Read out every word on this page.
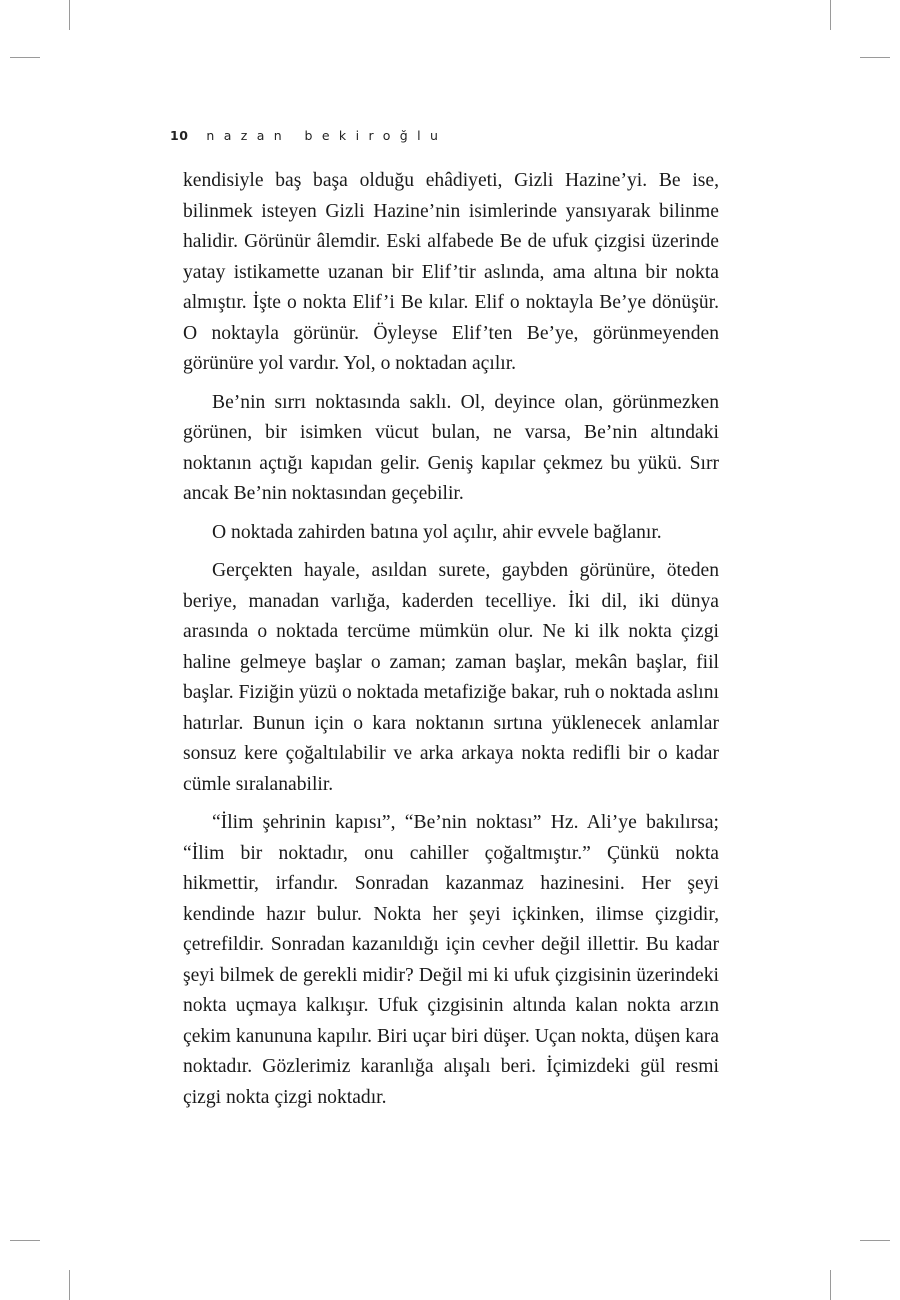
10 nazan bekiroğlu

kendisiyle baş başa olduğu ehâdiyeti, Gizli Hazine’yi. Be ise, bilinmek isteyen Gizli Hazine’nin isimlerinde yansıyarak bilinme halidir. Görünür âlemdir. Eski alfabede Be de ufuk çizgisi üzerinde yatay istikamette uzanan bir Elif’tir aslında, ama altına bir nokta almıştır. İşte o nokta Elif’i Be kılar. Elif o noktayla Be’ye dönüşür. O noktayla görünür. Öyleyse Elif’ten Be’ye, görünmeyenden görünüre yol vardır. Yol, o noktadan açılır.

Be’nin sırrı noktasında saklı. Ol, deyince olan, görünmezken görünen, bir isimken vücut bulan, ne varsa, Be’nin altındaki noktanın açtığı kapıdan gelir. Geniş kapılar çekmez bu yükü. Sırr ancak Be’nin noktasından geçebilir.

O noktada zahirden batına yol açılır, ahir evvele bağlanır.

Gerçekten hayale, asıldan surete, gaybden görünüre, öteden beriye, manadan varlığa, kaderden tecelliye. İki dil, iki dünya arasında o noktada tercüme mümkün olur. Ne ki ilk nokta çizgi haline gelmeye başlar o zaman; zaman başlar, mekân başlar, fiil başlar. Fiziğin yüzü o noktada metafiziğe bakar, ruh o noktada aslını hatırlar. Bunun için o kara noktanın sırtına yüklenecek anlamlar sonsuz kere çoğaltılabilir ve arka arkaya nokta redifli bir o kadar cümle sıralanabilir.

“İlim şehrinin kapısı”, “Be’nin noktası” Hz. Ali’ye bakılırsa; “İlim bir noktadır, onu cahiller çoğaltmıştır.” Çünkü nokta hikmettir, irfandır. Sonradan kazanmaz hazinesini. Her şeyi kendinde hazır bulur. Nokta her şeyi içkinken, ilimse çizgidir, çetrefildir. Sonradan kazanıldığı için cevher değil illettir. Bu kadar şeyi bilmek de gerekli midir? Değil mi ki ufuk çizgisinin üzerindeki nokta uçmaya kalkışır. Ufuk çizgisinin altında kalan nokta arzın çekim kanununa kapılır. Biri uçar biri düşer. Uçan nokta, düşen kara noktadır. Gözlerimiz karanlığa alışalı beri. İçimizdeki gül resmi çizgi nokta çizgi noktadır.
